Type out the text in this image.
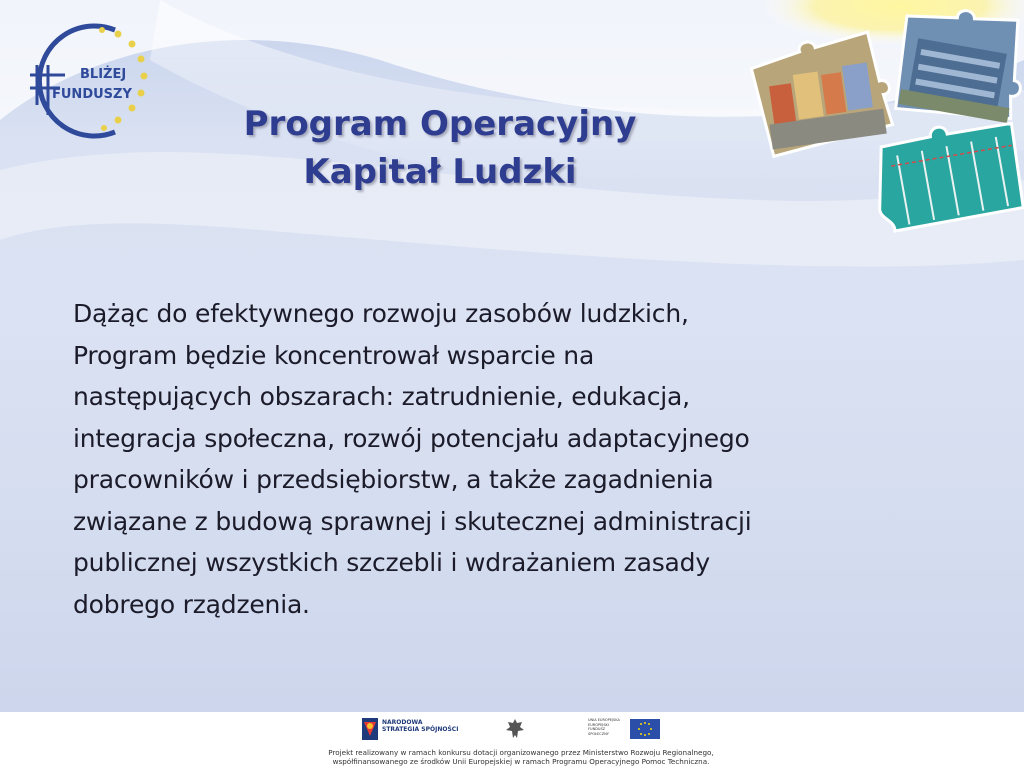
BLIŻEJ
FUNDUSZY
Program Operacyjny
Kapitał Ludzki
Dążąc do efektywnego rozwoju zasobów ludzkich,
Program będzie koncentrował wsparcie na
następujących obszarach: zatrudnienie, edukacja,
integracja społeczna, rozwój potencjału adaptacyjnego
pracowników i przedsiębiorstw, a także zagadnienia
związane z budową sprawnej i skutecznej administracji
publicznej wszystkich szczebli i wdrażaniem zasady
dobrego rządzenia.
NARODOWA
STRATEGIA SPÓJNOŚCI
UNIA EUROPEJSKA EUROPEJSKI FUNDUSZ SPOŁECZNY
Projekt realizowany w ramach konkursu dotacji organizowanego przez Ministerstwo Rozwoju Regionalnego,
współfinansowanego ze środków Unii Europejskiej w ramach Programu Operacyjnego Pomoc Techniczna.
